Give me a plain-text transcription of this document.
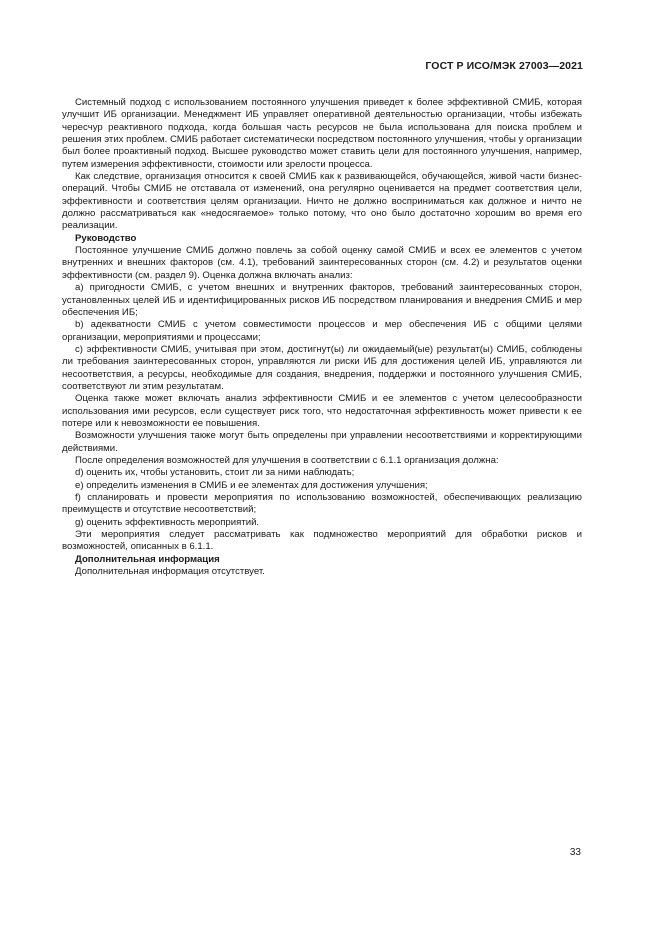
ГОСТ Р ИСО/МЭК 27003—2021

Системный подход с использованием постоянного улучшения приведет к более эффективной СМИБ, которая улучшит ИБ организации. Менеджмент ИБ управляет оперативной деятельностью организации, чтобы избежать чересчур реактивного подхода, когда большая часть ресурсов не была использована для поиска проблем и решения этих проблем. СМИБ работает систематически посредством постоянного улучшения, чтобы у организации был более проактивный подход. Высшее руководство может ставить цели для постоянного улучшения, например, путем измерения эффективности, стоимости или зрелости процесса.

Как следствие, организация относится к своей СМИБ как к развивающейся, обучающейся, живой части бизнес-операций. Чтобы СМИБ не отставала от изменений, она регулярно оценивается на предмет соответствия цели, эффективности и соответствия целям организации. Ничто не должно восприниматься как должное и ничто не должно рассматриваться как «недосягаемое» только потому, что оно было достаточно хорошим во время его реализации.

Руководство

Постоянное улучшение СМИБ должно повлечь за собой оценку самой СМИБ и всех ее элементов с учетом внутренних и внешних факторов (см. 4.1), требований заинтересованных сторон (см. 4.2) и результатов оценки эффективности (см. раздел 9). Оценка должна включать анализ:

a) пригодности СМИБ, с учетом внешних и внутренних факторов, требований заинтересованных сторон, установленных целей ИБ и идентифицированных рисков ИБ посредством планирования и внедрения СМИБ и мер обеспечения ИБ;

b) адекватности СМИБ с учетом совместимости процессов и мер обеспечения ИБ с общими целями организации, мероприятиями и процессами;

c) эффективности СМИБ, учитывая при этом, достигнут(ы) ли ожидаемый(ые) результат(ы) СМИБ, соблюдены ли требования заинтересованных сторон, управляются ли риски ИБ для достижения целей ИБ, управляются ли несоответствия, а ресурсы, необходимые для создания, внедрения, поддержки и постоянного улучшения СМИБ, соответствуют ли этим результатам.

Оценка также может включать анализ эффективности СМИБ и ее элементов с учетом целесообразности использования ими ресурсов, если существует риск того, что недостаточная эффективность может привести к ее потере или к невозможности ее повышения.

Возможности улучшения также могут быть определены при управлении несоответствиями и корректирующими действиями.

После определения возможностей для улучшения в соответствии с 6.1.1 организация должна:

d) оценить их, чтобы установить, стоит ли за ними наблюдать;

e) определить изменения в СМИБ и ее элементах для достижения улучшения;

f) спланировать и провести мероприятия по использованию возможностей, обеспечивающих реализацию преимуществ и отсутствие несоответствий;

g) оценить эффективность мероприятий.

Эти мероприятия следует рассматривать как подмножество мероприятий для обработки рисков и возможностей, описанных в 6.1.1.

Дополнительная информация

Дополнительная информация отсутствует.

33
